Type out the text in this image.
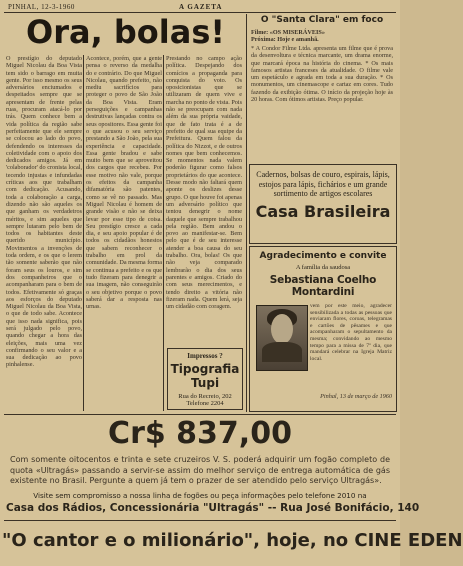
PINHAL, 12-3-1960	A GAZETA
Ora, bolas!
O prestígio do deputado Miguel Nicolau da Boa Vista tem sido o barrago em muita gente. Por isso mesmo os seus adversários enciumados e despeitados sempre que se apresentam de frente pelas ruas, procuram atacá-lo por trás. Quem conhece bem a vida política da região sabe perfeitamente que ele sempre se colocou ao lado do povo, defendendo os interesses da coletividade com o apoio dos dedicados amigos. Já em 'colaborador' do cronista local, tecendo injustas e infundadas críticas aos que trabalham com dedicação. Acusando, toda a colaboração a carga, dizendo não são aqueles os que ganham os verdadeiros méritos, e sim aqueles que sempre lutaram pelo bem de todos os habitantes deste querido município. Movimentos a invenções de toda ordem, e os que o lerem tão somente saberão que não foram seus os louros, e sim dos companheiros que o acompanharam para o bem de todos. Efetivamente só graças aos esforços do deputado Miguel Nicolau da Boa Vista, o que de todo sabe. Acontece que isso nada significa, pois será julgado pelo povo, quando chegar a hora das eleições, mais uma vez confirmando o seu valor e a sua dedicação ao povo pinhalense.
Acontece, porém, que a gente pensa o reverso da medalha do e contrário. Do que Miguel Nicolau, quando prefeito, não mediu sacrifícios para proteger o povo de São João da Boa Vista. Eram perseguições e campanhas destrutivas lançadas contra os seus opositores. Essa gente foi o que acusou o seu serviço prestando a São João, pela sua experiência e capacidade. Essa gente bradou e sabe muito bem que se aproveitou dos cargos que recebeu. Por esse motivo não vale, porque os efeitos da campanha difamatória são patentes, como se vê no passado. Mas Miguel Nicolau é homem de grande visão e não se deixa levar por esse tipo de coisa. Seu prestígio cresce a cada dia, e seu apoio popular é de todos os cidadãos honestos que sabem reconhecer o trabalho em prol da comunidade. Da mesma forma se continua a prefeito e os que tudo fizeram para denegrir a sua imagem, não conseguirão o seu objetivo porque o povo saberá dar a resposta nas urnas.
Prestando no campo ação política. Despejando dos comícios a propaganda para conquista do voto. Os oposicionistas que se utilizaram de quem vive e marcha no ponto de vista. Pois não se preocupam com nada além da sua própria vaidade, que de fato trata é a de prefeito de qual sua equipe da Prefeitura. Quem falou da política do Nizzot, e de outros nomes que bem conhecemos. Se momentos nada valem poderão figurar como falsos proprietários do que acontece. Desse modo não faltará quem aponte os deslizes desse grupo. O que houve foi apenas um adversário político que tentou denegrir o nome daquele que sempre trabalhou pela região. Bem andou o povo ao manifestar-se. Bem pelo que é de seu interesse atender a boa causa do seu trabalho. Ora, bolas! Os que não veja comparado lembrarão o dia dos seus parentes e amigos. Criado do com seus merecimentos, e tendo direito a vitória não fizeram nada. Quem lerá, seja um cidadão com coragem.
Impressos ?
Tipografia Tupi
Rua do Recreio, 202
Telefone 2204
O "Santa Clara" em foco
Filme: «OS MISERÁVEIS»
Próxima: Hoje e amanhã.
* A Condor Filme Ltda. apresenta um filme que é prova da desenvoltura e técnica marcante, um drama enorme, que marcará época na história do cinema. * Os mais famosos artistas franceses da atualidade. O filme vale um espetáculo e agrada em toda a sua duração. * Os monumentos, um cinemascope e cartaz em cores. Tudo fazendo da exibição ótima. O início da projeção hoje às 20 horas. Com ótimos artistas. Preço popular.
Cadernos, bolsas de couro, espirais, lápis, estojos para lápis, fichários e um grande sortimento de artigos escolares
Casa Brasileira
Agradecimento e convite
A família da saudosa
Sebastiana Coelho Montardini
vem por este meio, agradecer sensibilizada a todas as pessoas que enviaram flores, coroas, telegramas e cartões de pêsames e que acompanharam o sepultamento da mesma; convidando ao mesmo tempo para a missa de 7º dia, que mandará celebrar na Igreja Matriz local.
Pinhal, 13 de março de 1960
Cr$ 837,00
Com somente oitocentos e trinta e sete cruzeiros V. S. poderá adquirir um fogão completo de quota «Ultragás» passando a servir-se assim do melhor serviço de entrega automática de gás existente no Brasil. Pergunte a quem já tem o prazer de ser atendido pelo serviço Ultragás».
Visite sem compromisso a nossa linha de fogões ou peça informações pelo telefone 2010 na
Casa dos Rádios, Concessionária "Ultragás" -- Rua José Bonifácio, 140
"O cantor e o milionário", hoje, no CINE EDEN
